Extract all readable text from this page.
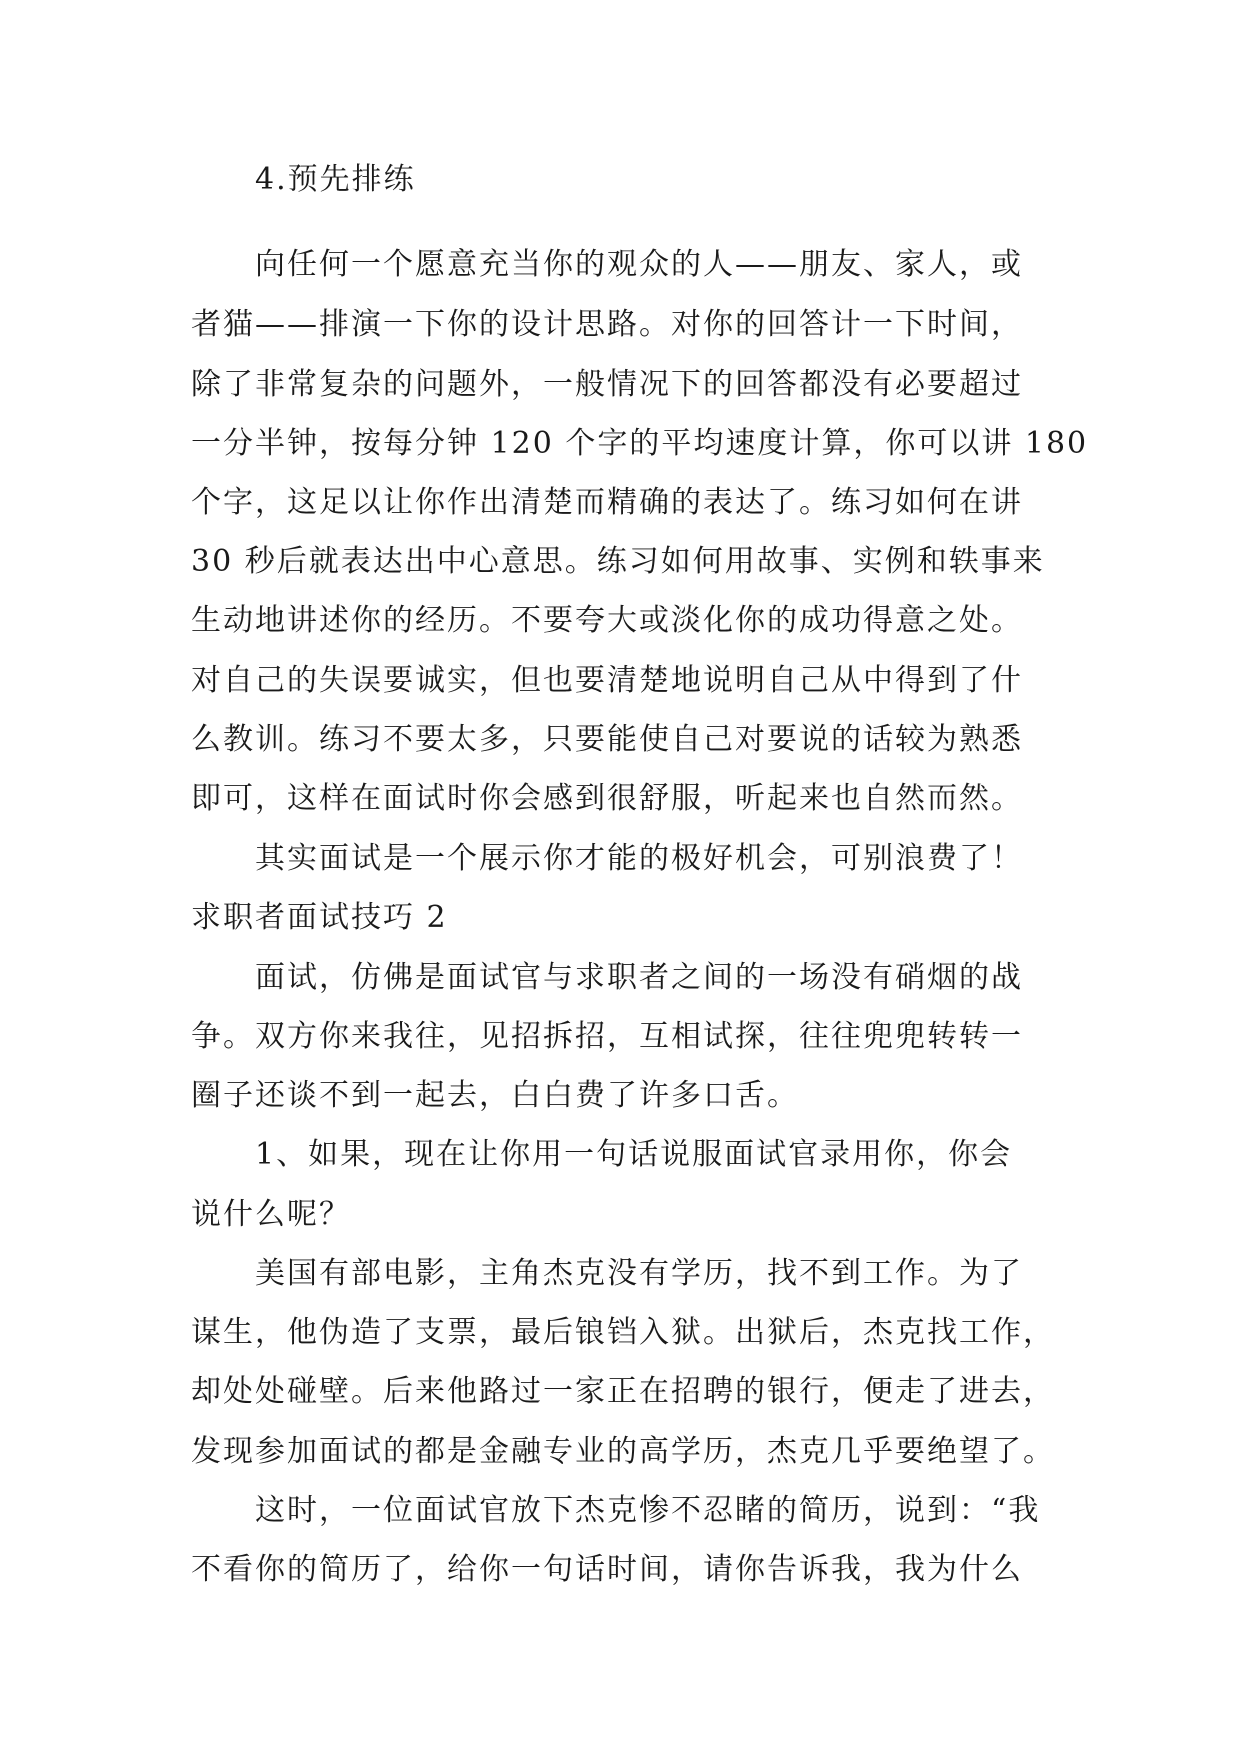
4.预先排练
向任何一个愿意充当你的观众的人——朋友、家人，或
者猫——排演一下你的设计思路。对你的回答计一下时间，
除了非常复杂的问题外，一般情况下的回答都没有必要超过
一分半钟，按每分钟 120 个字的平均速度计算，你可以讲 180
个字，这足以让你作出清楚而精确的表达了。练习如何在讲
30 秒后就表达出中心意思。练习如何用故事、实例和轶事来
生动地讲述你的经历。不要夸大或淡化你的成功得意之处。
对自己的失误要诚实，但也要清楚地说明自己从中得到了什
么教训。练习不要太多，只要能使自己对要说的话较为熟悉
即可，这样在面试时你会感到很舒服，听起来也自然而然。
其实面试是一个展示你才能的极好机会，可别浪费了！
求职者面试技巧 2
面试，仿佛是面试官与求职者之间的一场没有硝烟的战
争。双方你来我往，见招拆招，互相试探，往往兜兜转转一
圈子还谈不到一起去，白白费了许多口舌。
1、如果，现在让你用一句话说服面试官录用你，你会
说什么呢？
美国有部电影，主角杰克没有学历，找不到工作。为了
谋生，他伪造了支票，最后锒铛入狱。出狱后，杰克找工作，
却处处碰壁。后来他路过一家正在招聘的银行，便走了进去，
发现参加面试的都是金融专业的高学历，杰克几乎要绝望了。
这时，一位面试官放下杰克惨不忍睹的简历，说到：“我
不看你的简历了，给你一句话时间，请你告诉我，我为什么
